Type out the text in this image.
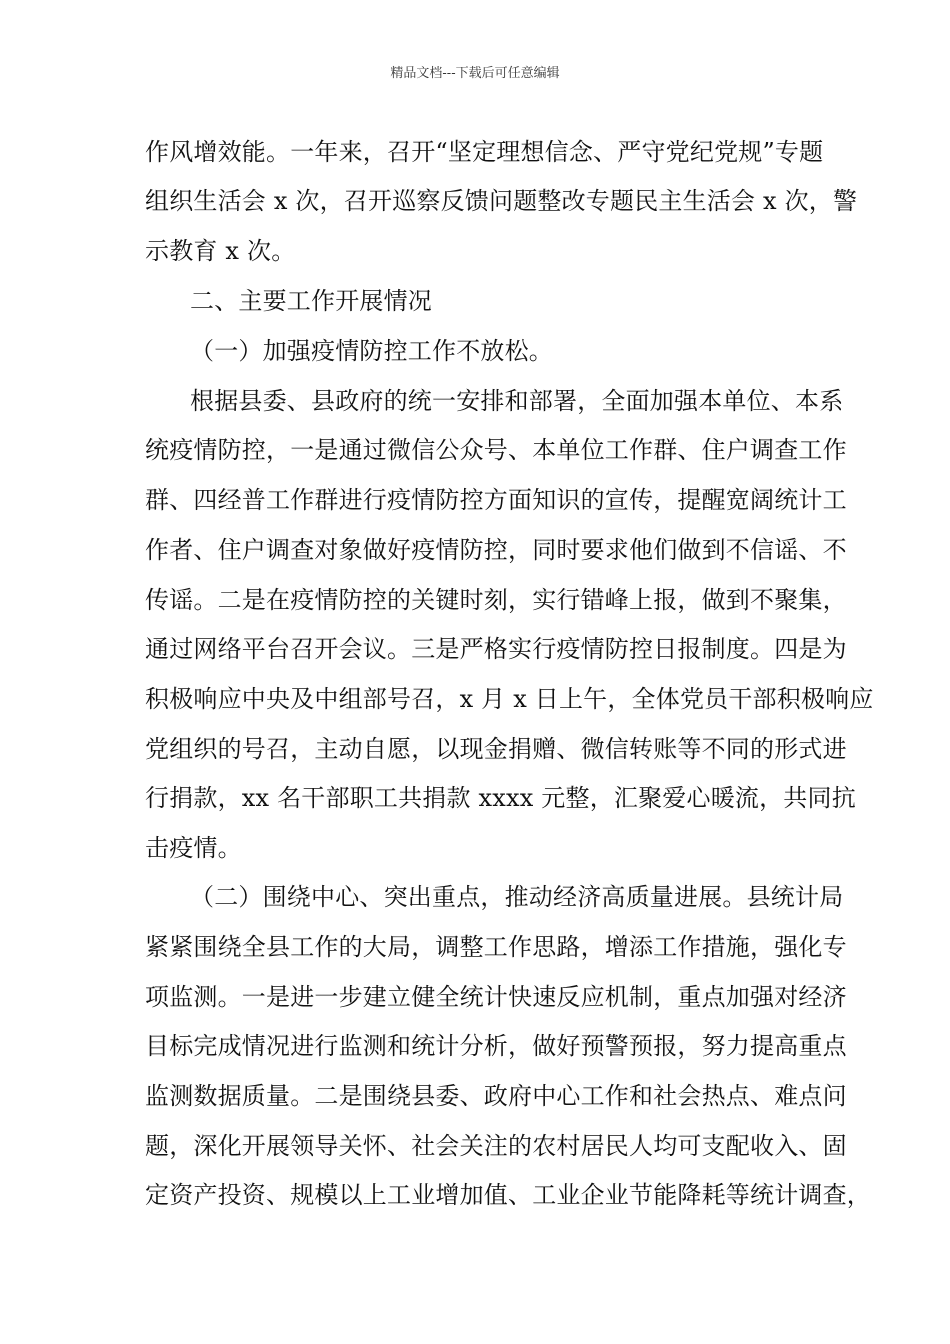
精品文档---下载后可任意编辑
作风增效能。一年来，召开“坚定理想信念、严守党纪党规”专题
组织生活会 x 次，召开巡察反馈问题整改专题民主生活会 x 次，警
示教育 x 次。
二、主要工作开展情况
（一）加强疫情防控工作不放松。
根据县委、县政府的统一安排和部署，全面加强本单位、本系
统疫情防控，一是通过微信公众号、本单位工作群、住户调查工作
群、四经普工作群进行疫情防控方面知识的宣传，提醒宽阔统计工
作者、住户调查对象做好疫情防控，同时要求他们做到不信谣、不
传谣。二是在疫情防控的关键时刻，实行错峰上报，做到不聚集，
通过网络平台召开会议。三是严格实行疫情防控日报制度。四是为
积极响应中央及中组部号召，x 月 x 日上午，全体党员干部积极响应
党组织的号召，主动自愿，以现金捐赠、微信转账等不同的形式进
行捐款，xx 名干部职工共捐款 xxxx 元整，汇聚爱心暖流，共同抗
击疫情。
（二）围绕中心、突出重点，推动经济高质量进展。县统计局
紧紧围绕全县工作的大局，调整工作思路，增添工作措施，强化专
项监测。一是进一步建立健全统计快速反应机制，重点加强对经济
目标完成情况进行监测和统计分析，做好预警预报，努力提高重点
监测数据质量。二是围绕县委、政府中心工作和社会热点、难点问
题，深化开展领导关怀、社会关注的农村居民人均可支配收入、固
定资产投资、规模以上工业增加值、工业企业节能降耗等统计调查，
